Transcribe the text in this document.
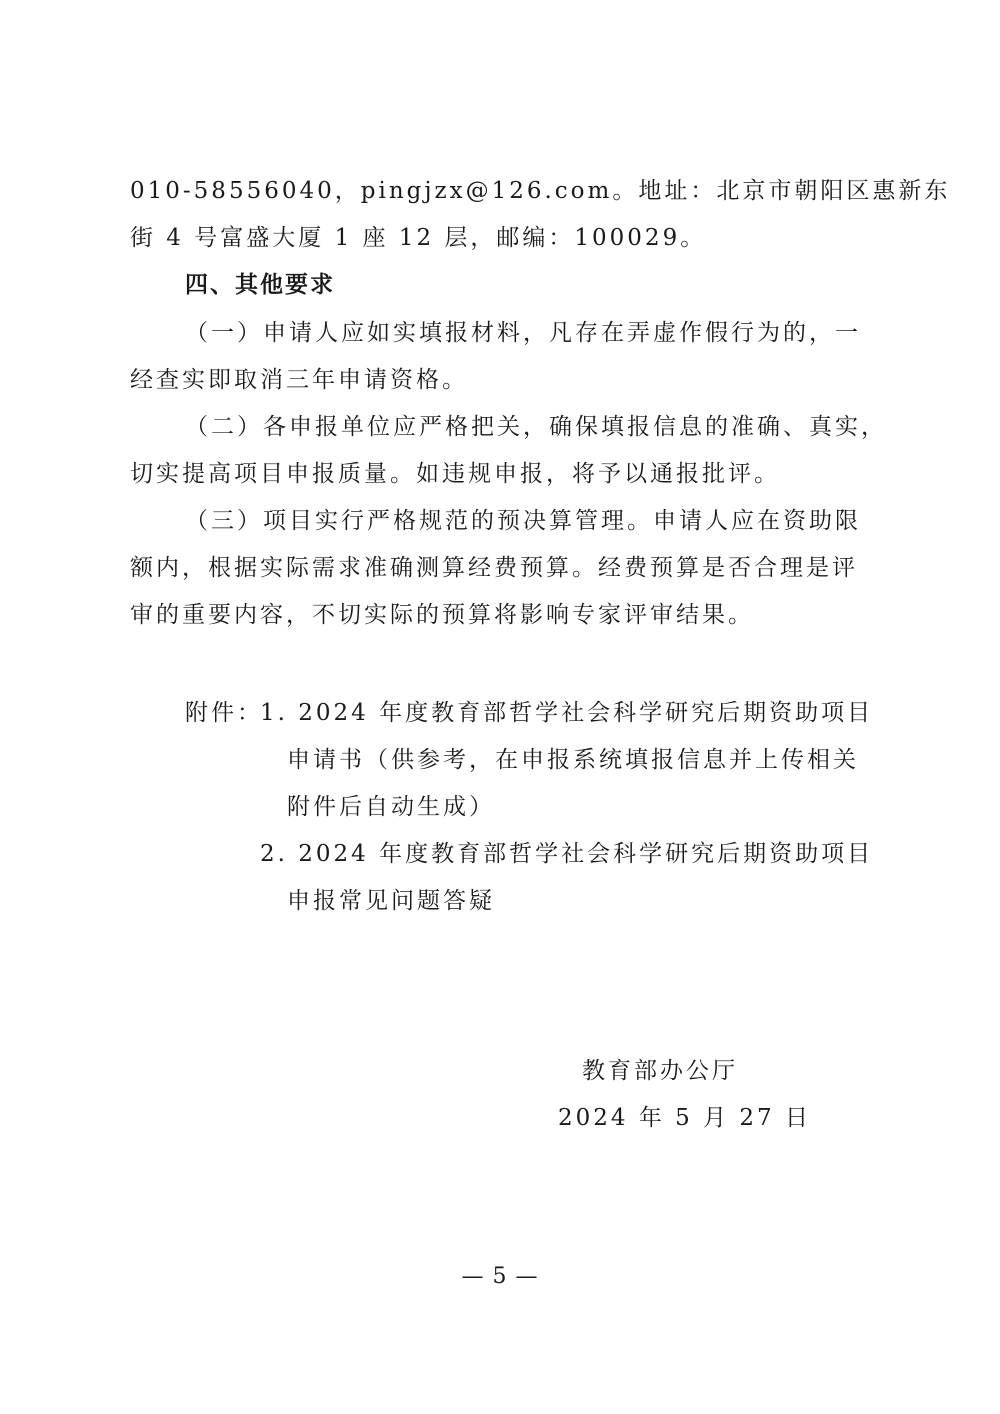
010-58556040，pingjzx@126.com。地址：北京市朝阳区惠新东
街 4 号富盛大厦 1 座 12 层，邮编：100029。
四、其他要求
（一）申请人应如实填报材料，凡存在弄虚作假行为的，一
经查实即取消三年申请资格。
（二）各申报单位应严格把关，确保填报信息的准确、真实，
切实提高项目申报质量。如违规申报，将予以通报批评。
（三）项目实行严格规范的预决算管理。申请人应在资助限
额内，根据实际需求准确测算经费预算。经费预算是否合理是评
审的重要内容，不切实际的预算将影响专家评审结果。
附件：
1. 2024 年度教育部哲学社会科学研究后期资助项目
申请书（供参考，在申报系统填报信息并上传相关
附件后自动生成）
2. 2024 年度教育部哲学社会科学研究后期资助项目
申报常见问题答疑
教育部办公厅
2024 年 5 月 27 日
— 5 —
